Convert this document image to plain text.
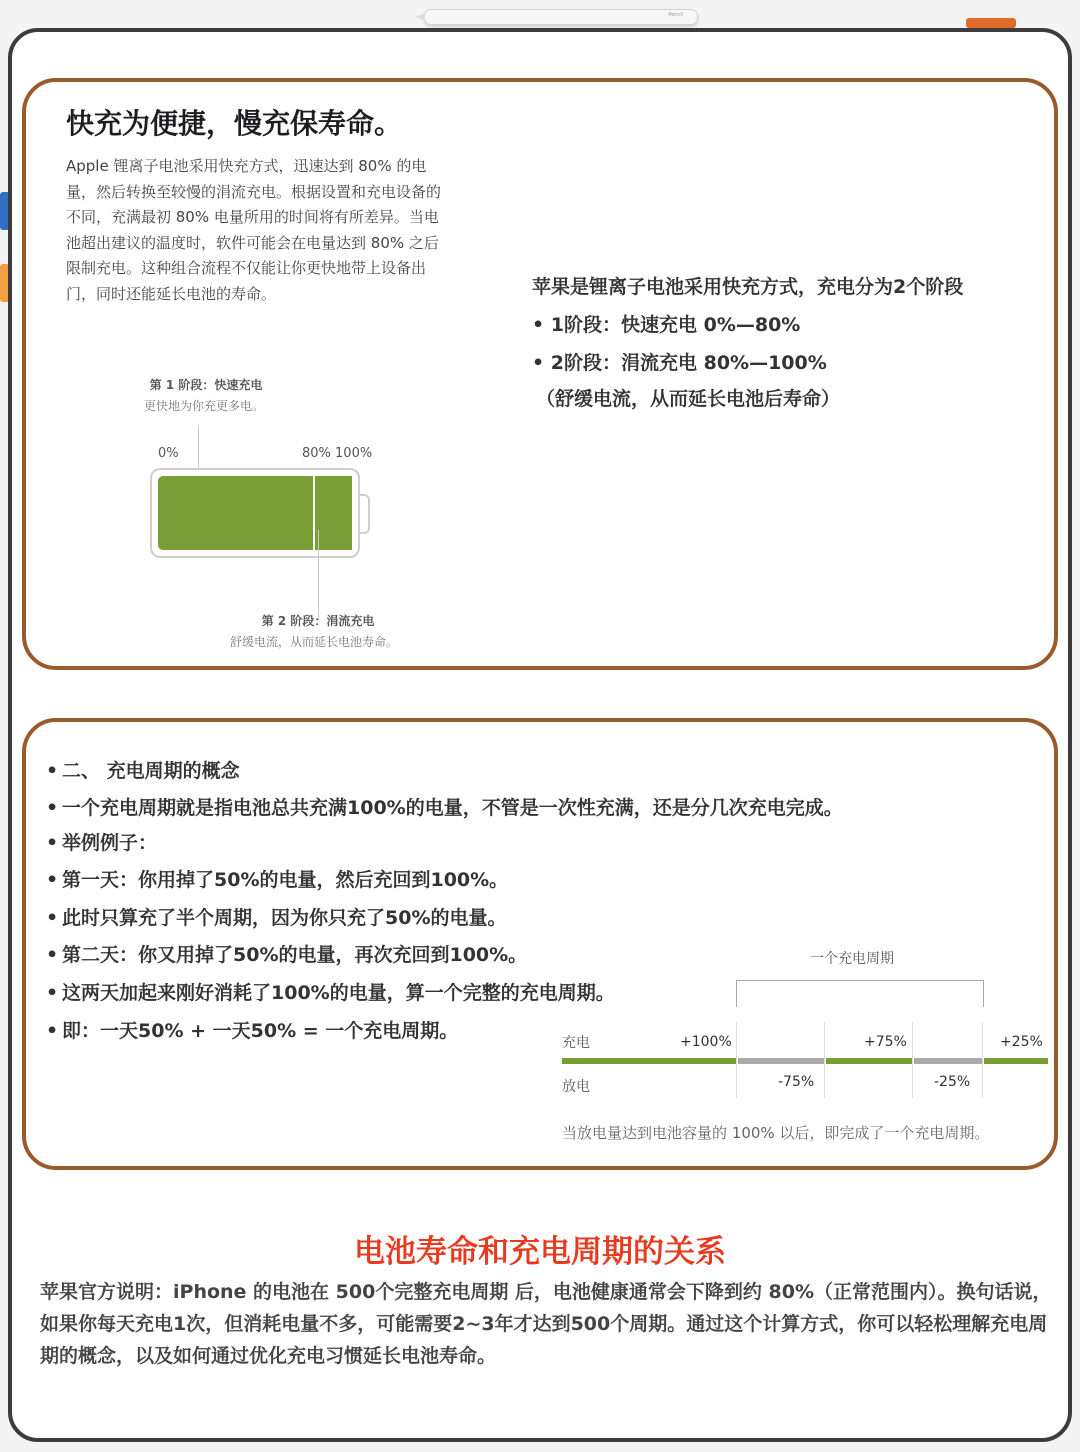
Pencil
快充为便捷，慢充保寿命。
Apple 锂离子电池采用快充方式，迅速达到 80% 的电
量，然后转换至较慢的涓流充电。根据设置和充电设备的
不同，充满最初 80% 电量所用的时间将有所差异。当电
池超出建议的温度时，软件可能会在电量达到 80% 之后
限制充电。这种组合流程不仅能让你更快地带上设备出
门，同时还能延长电池的寿命。
第 1 阶段：快速充电
更快地为你充更多电。
0%	80% 100%
第 2 阶段：涓流充电
舒缓电流，从而延长电池寿命。
苹果是锂离子电池采用快充方式，充电分为2个阶段
• 1阶段：快速充电 0%—80%
• 2阶段：涓流充电 80%—100%
（舒缓电流，从而延长电池后寿命）
• 二、 充电周期的概念
• 一个充电周期就是指电池总共充满100%的电量，不管是一次性充满，还是分几次充电完成。
• 举例例子：
• 第一天：你用掉了50%的电量，然后充回到100%。
• 此时只算充了半个周期，因为你只充了50%的电量。
• 第二天：你又用掉了50%的电量，再次充回到100%。
• 这两天加起来刚好消耗了100%的电量，算一个完整的充电周期。
• 即：一天50% + 一天50% = 一个充电周期。
一个充电周期
充电
放电
+100%	+75%	+25%
-75%	-25%
当放电量达到电池容量的 100% 以后，即完成了一个充电周期。
电池寿命和充电周期的关系
苹果官方说明：iPhone 的电池在 500个完整充电周期 后，电池健康通常会下降到约 80%（正常范围内）。换句话说，如果你每天充电1次，但消耗电量不多，可能需要2~3年才达到500个周期。通过这个计算方式，你可以轻松理解充电周期的概念，以及如何通过优化充电习惯延长电池寿命。
